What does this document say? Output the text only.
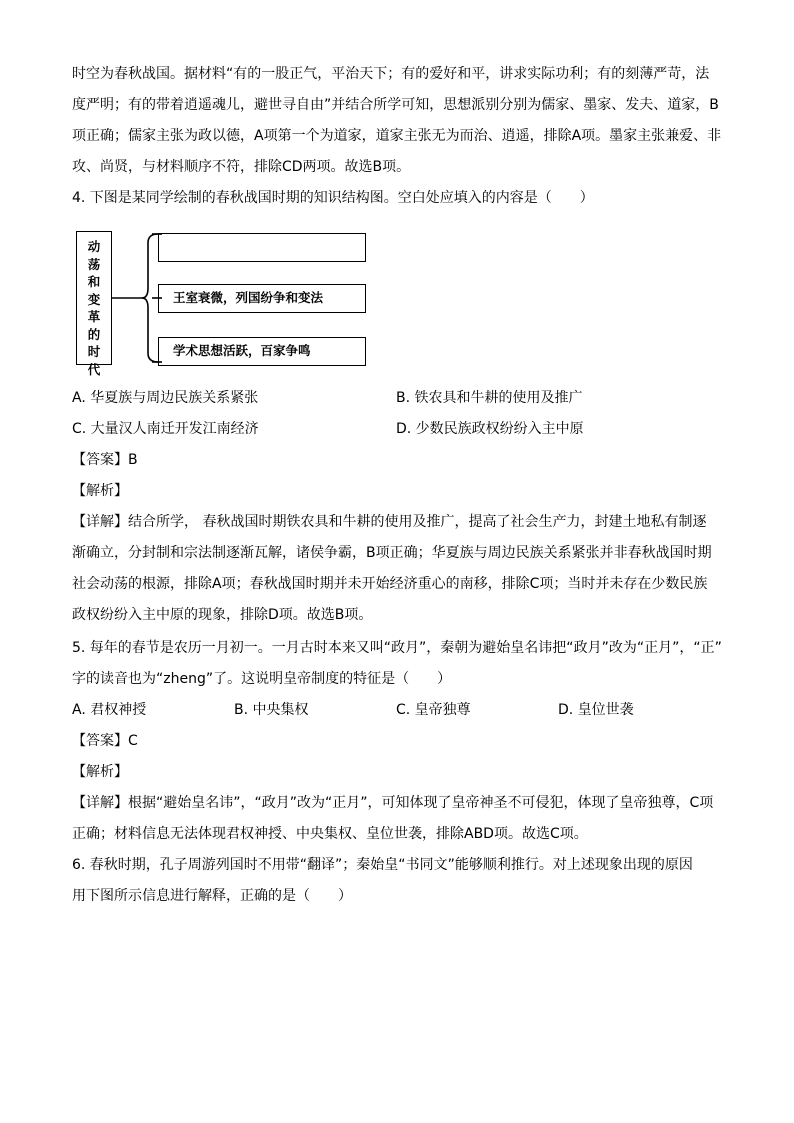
时空为春秋战国。据材料“有的一股正气，平治天下；有的爱好和平，讲求实际功利；有的刻薄严苛，法
度严明；有的带着逍遥魂儿，避世寻自由”并结合所学可知，思想派别分别为儒家、墨家、发夫、道家，B
项正确；儒家主张为政以德，A项第一个为道家，道家主张无为而治、逍遥，排除A项。墨家主张兼爱、非
攻、尚贤，与材料顺序不符，排除CD两项。故选B项。
4. 下图是某同学绘制的春秋战国时期的知识结构图。空白处应填入的内容是（　　）
动
荡
和
变
革
的
时
代
王室衰微，列国纷争和变法
学术思想活跃，百家争鸣
A. 华夏族与周边民族关系紧张	B. 铁农具和牛耕的使用及推广
C. 大量汉人南迁开发江南经济	D. 少数民族政权纷纷入主中原
【答案】B
【解析】
【详解】结合所学， 春秋战国时期铁农具和牛耕的使用及推广，提高了社会生产力，封建土地私有制逐
渐确立，分封制和宗法制逐渐瓦解，诸侯争霸，B项正确；华夏族与周边民族关系紧张并非春秋战国时期
社会动荡的根源，排除A项；春秋战国时期并未开始经济重心的南移，排除C项；当时并未存在少数民族
政权纷纷入主中原的现象，排除D项。故选B项。
5. 每年的春节是农历一月初一。一月古时本来又叫“政月”，秦朝为避始皇名讳把“政月”改为“正月”，“正”
字的读音也为“zheng”了。这说明皇帝制度的特征是（　　）
A. 君权神授	B. 中央集权	C. 皇帝独尊	D. 皇位世袭
【答案】C
【解析】
【详解】根据“避始皇名讳”，“政月”改为“正月”，可知体现了皇帝神圣不可侵犯，体现了皇帝独尊，C项
正确；材料信息无法体现君权神授、中央集权、皇位世袭，排除ABD项。故选C项。
6. 春秋时期，孔子周游列国时不用带“翻译”；秦始皇“书同文”能够顺利推行。对上述现象出现的原因
用下图所示信息进行解释，正确的是（　　）
